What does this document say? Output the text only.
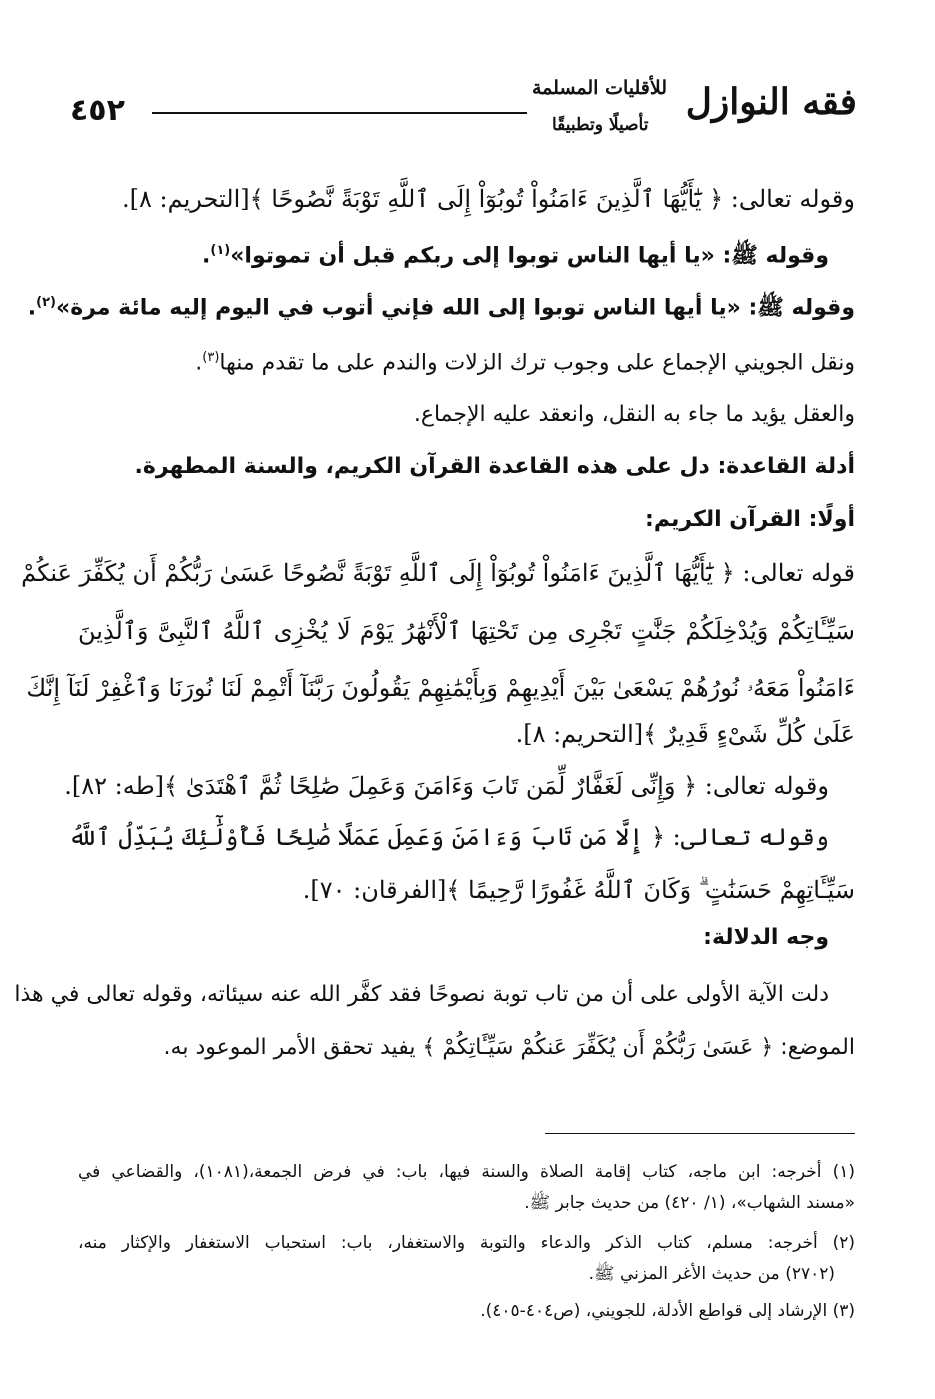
٤٥٢	فقه النوازل
للأقليات المسلمة
تأصيلًا وتطبيقًا
وقوله تعالى: ﴿ يَٰٓأَيُّهَا ٱلَّذِينَ ءَامَنُواْ تُوبُوٓاْ إِلَى ٱللَّهِ تَوْبَةً نَّصُوحًا ﴾[التحريم: ٨].
وقوله ﷺ: «يا أيها الناس توبوا إلى ربكم قبل أن تموتوا»$^{(١)}$.
وقوله ﷺ: «يا أيها الناس توبوا إلى الله فإني أتوب في اليوم إليه مائة مرة»$^{(٢)}$.
ونقل الجويني الإجماع على وجوب ترك الزلات والندم على ما تقدم منها$^{(٣)}$.
والعقل يؤيد ما جاء به النقل، وانعقد عليه الإجماع.
أدلة القاعدة: دل على هذه القاعدة القرآن الكريم، والسنة المطهرة.
أولًا: القرآن الكريم:
قوله تعالى: ﴿ يَٰٓأَيُّهَا ٱلَّذِينَ ءَامَنُواْ تُوبُوٓاْ إِلَى ٱللَّهِ تَوْبَةً نَّصُوحًا عَسَىٰ رَبُّكُمْ أَن يُكَفِّرَ عَنكُمْ
سَيِّـَٔاتِكُمْ وَيُدْخِلَكُمْ جَنَّٰتٍ تَجْرِى مِن تَحْتِهَا ٱلْأَنْهَٰرُ يَوْمَ لَا يُخْزِى ٱللَّهُ ٱلنَّبِىَّ وَٱلَّذِينَ
ءَامَنُواْ مَعَهُۥ نُورُهُمْ يَسْعَىٰ بَيْنَ أَيْدِيهِمْ وَبِأَيْمَٰنِهِمْ يَقُولُونَ رَبَّنَآ أَتْمِمْ لَنَا نُورَنَا وَٱغْفِرْ لَنَآ إِنَّكَ
عَلَىٰ كُلِّ شَىْءٍ قَدِيرٌ ﴾[التحريم: ٨].
وقوله تعالى: ﴿ وَإِنِّى لَغَفَّارٌ لِّمَن تَابَ وَءَامَنَ وَعَمِلَ صَٰلِحًا ثُمَّ ٱهْتَدَىٰ ﴾[طه: ٨٢].
وقوله تعالى: ﴿ إِلَّا مَن تَابَ وَءَامَنَ وَعَمِلَ عَمَلًا صَٰلِحًا فَأُوْلَٰٓئِكَ يُبَدِّلُ ٱللَّهُ
سَيِّـَٔاتِهِمْ حَسَنَٰتٍ ۗ وَكَانَ ٱللَّهُ غَفُورًا رَّحِيمًا ﴾[الفرقان: ٧٠].
وجه الدلالة:
دلت الآية الأولى على أن من تاب توبة نصوحًا فقد كفَّر الله عنه سيئاته، وقوله تعالى في هذا
الموضع: ﴿ عَسَىٰ رَبُّكُمْ أَن يُكَفِّرَ عَنكُمْ سَيِّـَٔاتِكُمْ ﴾ يفيد تحقق الأمر الموعود به.
(١) أخرجه: ابن ماجه، كتاب إقامة الصلاة والسنة فيها، باب: في فرض الجمعة،(١٠٨١)، والقضاعي في
«مسند الشهاب»، (١/ ٤٢٠) من حديث جابر ﷺ.
(٢) أخرجه: مسلم، كتاب الذكر والدعاء والتوبة والاستغفار، باب: استحباب الاستغفار والإكثار منه،
(٢٧٠٢) من حديث الأغر المزني ﷺ.
(٣) الإرشاد إلى قواطع الأدلة، للجويني، (ص٤٠٤-٤٠٥).
